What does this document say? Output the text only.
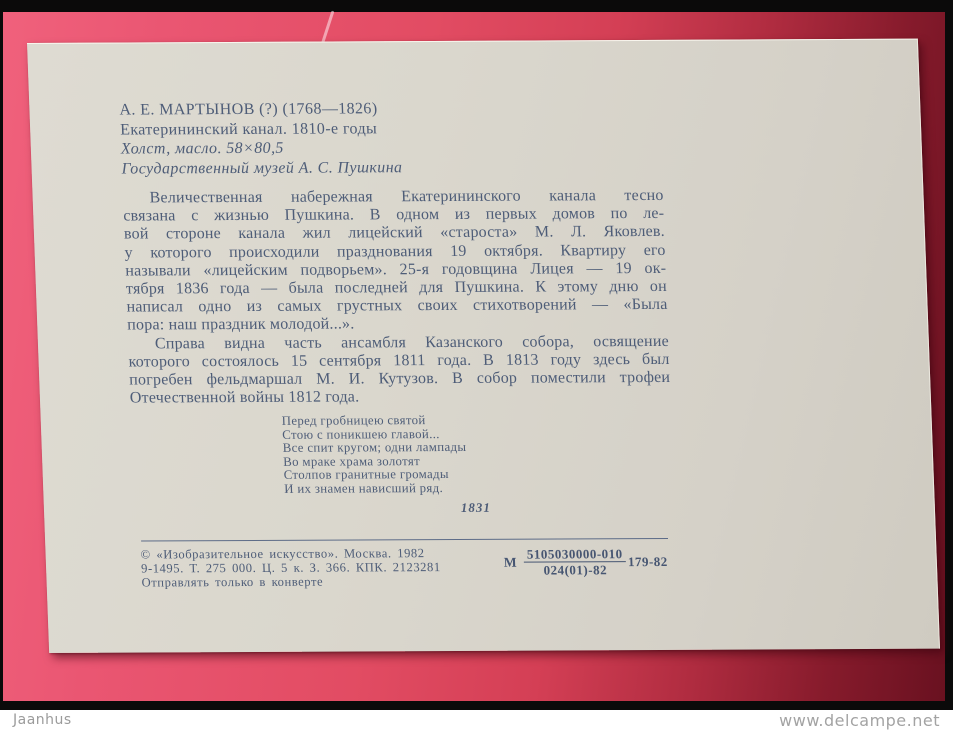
А. Е. МАРТЫНОВ (?) (1768—1826)
Екатерининский канал. 1810-е годы
Холст, масло. 58×80,5
Государственный музей А. С. Пушкина
Величественная набережная Екатерининского канала тесно
связана с жизнью Пушкина. В одном из первых домов по ле-
вой стороне канала жил лицейский «староста» М. Л. Яковлев.
у которого происходили празднования 19 октября. Квартиру его
называли «лицейским подворьем». 25-я годовщина Лицея — 19 ок-
тября 1836 года — была последней для Пушкина. К этому дню он
написал одно из самых грустных своих стихотворений — «Была
пора: наш праздник молодой...».
Справа видна часть ансамбля Казанского собора, освящение
которого состоялось 15 сентября 1811 года. В 1813 году здесь был
погребен фельдмаршал М. И. Кутузов. В собор поместили трофеи
Отечественной войны 1812 года.
Перед гробницею святой
Стою с поникшею главой...
Все спит кругом; одни лампады
Во мраке храма золотят
Столпов гранитные громады
И их знамен нависший ряд.
1831
© «Изобразительное искусство». Москва. 1982
9-1495. Т. 275 000. Ц. 5 к. З. 366. КПК. 2123281
Отправлять только в конверте
М $\frac{5105030000-010}{024(01)-82} 179-82$
Jaanhus	www.delcampe.net
